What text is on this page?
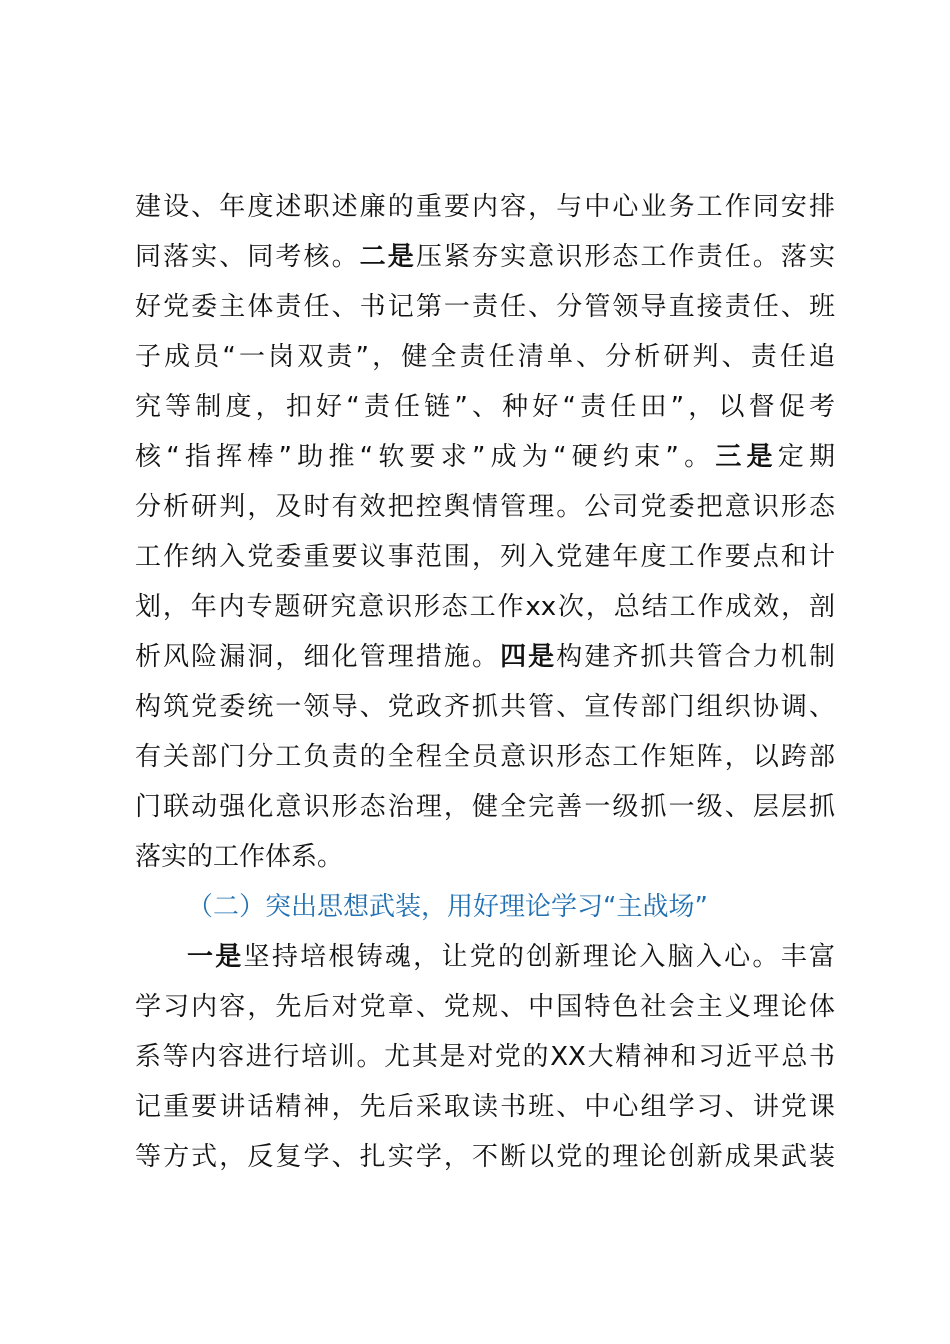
建设、年度述职述廉的重要内容，与中心业务工作同安排
同落实、同考核。二是压紧夯实意识形态工作责任。落实
好党委主体责任、书记第一责任、分管领导直接责任、班
子成员“一岗双责”，健全责任清单、分析研判、责任追
究等制度，扣好“责任链”、种好“责任田”，以督促考
核“指挥棒”助推“软要求”成为“硬约束”。三是定期
分析研判，及时有效把控舆情管理。公司党委把意识形态
工作纳入党委重要议事范围，列入党建年度工作要点和计
划，年内专题研究意识形态工作xx次，总结工作成效，剖
析风险漏洞，细化管理措施。四是构建齐抓共管合力机制
构筑党委统一领导、党政齐抓共管、宣传部门组织协调、
有关部门分工负责的全程全员意识形态工作矩阵，以跨部
门联动强化意识形态治理，健全完善一级抓一级、层层抓
落实的工作体系。
（二）突出思想武装，用好理论学习“主战场”
一是坚持培根铸魂，让党的创新理论入脑入心。丰富
学习内容，先后对党章、党规、中国特色社会主义理论体
系等内容进行培训。尤其是对党的XX大精神和习近平总书
记重要讲话精神，先后采取读书班、中心组学习、讲党课
等方式，反复学、扎实学，不断以党的理论创新成果武装
